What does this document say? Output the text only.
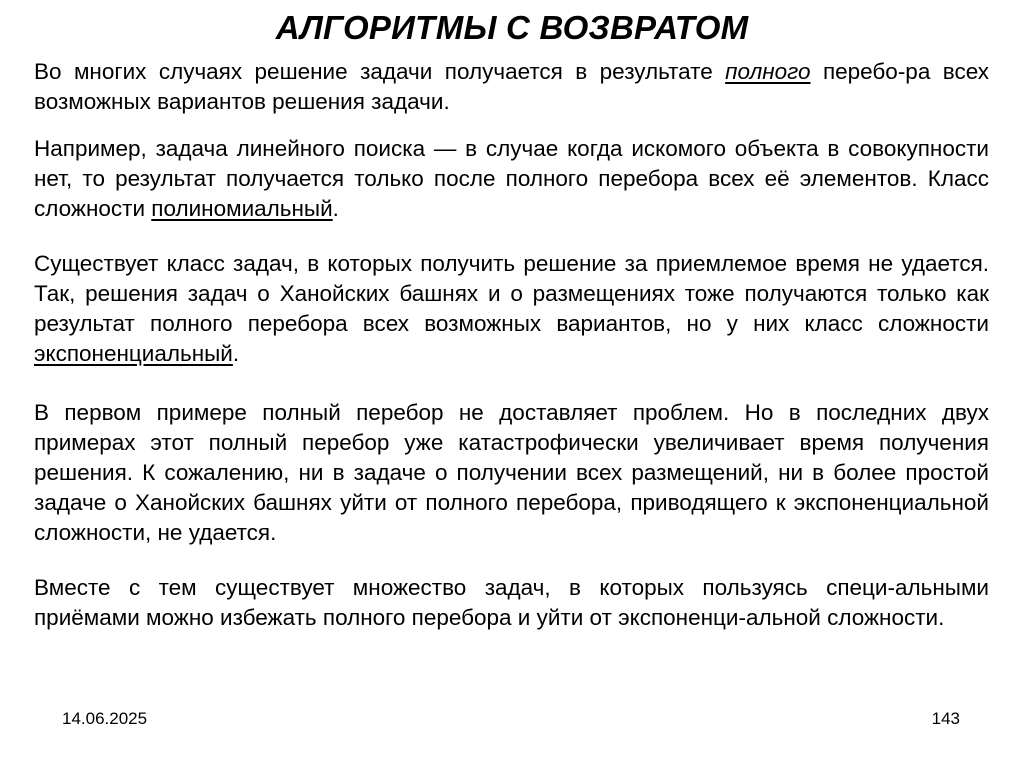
АЛГОРИТМЫ С ВОЗВРАТОМ
Во многих случаях решение задачи получается в результате полного перебо-ра всех возможных вариантов решения задачи.
Например, задача линейного поиска — в случае когда искомого объекта в совокупности нет, то результат получается только после полного перебора всех её элементов. Класс сложности полиномиальный.
Существует класс задач, в которых получить решение за приемлемое время не удается. Так, решения задач о Ханойских башнях и о размещениях тоже получаются только как результат полного перебора всех возможных вариантов, но у них класс сложности экспоненциальный.
В первом примере полный перебор не доставляет проблем. Но в последних двух примерах этот полный перебор уже катастрофически увеличивает время получения решения. К сожалению, ни в задаче о получении всех размещений, ни в более простой задаче о Ханойских башнях уйти от полного перебора, приводящего к экспоненциальной сложности, не удается.
Вместе с тем существует множество задач, в которых пользуясь специ-альными приёмами можно избежать полного перебора и уйти от экспоненци-альной сложности.
14.06.2025	143
